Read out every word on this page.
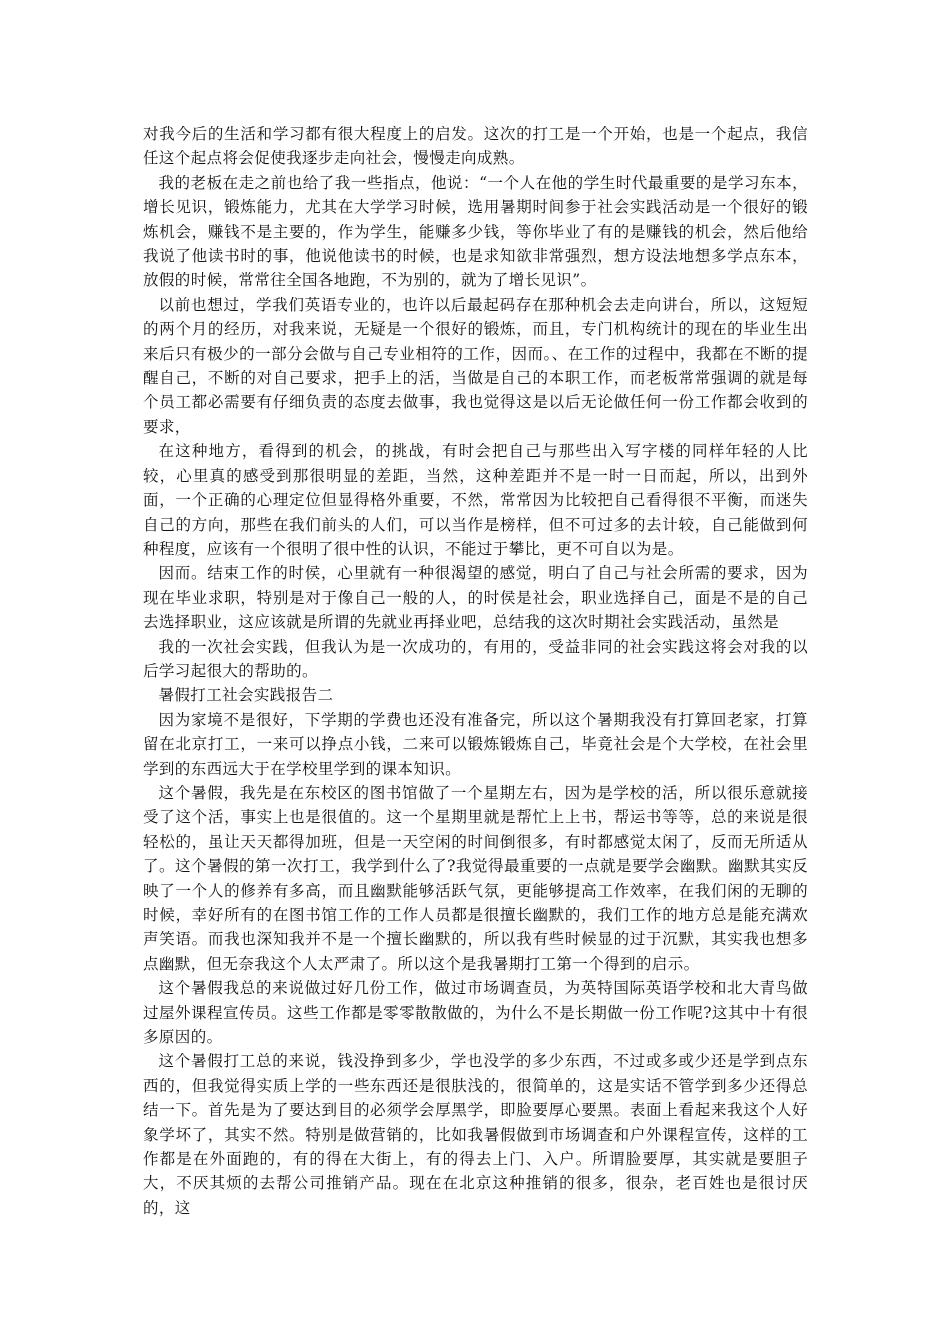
对我今后的生活和学习都有很大程度上的启发。这次的打工是一个开始，也是一个起点，我信任这个起点将会促使我逐步走向社会，慢慢走向成熟。

我的老板在走之前也给了我一些指点，他说：“一个人在他的学生时代最重要的是学习东本，增长见识，锻炼能力，尤其在大学学习时候，选用暑期时间参于社会实践活动是一个很好的锻炼机会，赚钱不是主要的，作为学生，能赚多少钱，等你毕业了有的是赚钱的机会，然后他给我说了他读书时的事，他说他读书的时候，也是求知欲非常强烈，想方设法地想多学点东本，放假的时候，常常往全国各地跑，不为别的，就为了增长见识”。

以前也想过，学我们英语专业的，也许以后最起码存在那种机会去走向讲台，所以，这短短的两个月的经历，对我来说，无疑是一个很好的锻炼，而且，专门机构统计的现在的毕业生出来后只有极少的一部分会做与自己专业相符的工作，因而。、在工作的过程中，我都在不断的提醒自己，不断的对自己要求，把手上的活，当做是自己的本职工作，而老板常常强调的就是每个员工都必需要有仔细负责的态度去做事，我也觉得这是以后无论做任何一份工作都会收到的要求，

在这种地方，看得到的机会，的挑战，有时会把自己与那些出入写字楼的同样年轻的人比较，心里真的感受到那很明显的差距，当然，这种差距并不是一时一日而起，所以，出到外面，一个正确的心理定位但显得格外重要，不然，常常因为比较把自己看得很不平衡，而迷失自己的方向，那些在我们前头的人们，可以当作是榜样，但不可过多的去计较，自己能做到何种程度，应该有一个很明了很中性的认识，不能过于攀比，更不可自以为是。

因而。结束工作的时侯，心里就有一种很渴望的感觉，明白了自己与社会所需的要求，因为现在毕业求职，特别是对于像自己一般的人，的时侯是社会，职业选择自己，面是不是的自己去选择职业，这应该就是所谓的先就业再择业吧，总结我的这次时期社会实践活动，虽然是

我的一次社会实践，但我认为是一次成功的，有用的，受益非同的社会实践这将会对我的以后学习起很大的帮助的。

暑假打工社会实践报告二

因为家境不是很好，下学期的学费也还没有准备完，所以这个暑期我没有打算回老家，打算留在北京打工，一来可以挣点小钱，二来可以锻炼锻炼自己，毕竟社会是个大学校，在社会里学到的东西远大于在学校里学到的课本知识。

这个暑假，我先是在东校区的图书馆做了一个星期左右，因为是学校的活，所以很乐意就接受了这个活，事实上也是很值的。这一个星期里就是帮忙上上书，帮运书等等，总的来说是很轻松的，虽让天天都得加班，但是一天空闲的时间倒很多，有时都感觉太闲了，反而无所适从了。这个暑假的第一次打工，我学到什么了?我觉得最重要的一点就是要学会幽默。幽默其实反映了一个人的修养有多高，而且幽默能够活跃气氛，更能够提高工作效率，在我们闲的无聊的时候，幸好所有的在图书馆工作的工作人员都是很擅长幽默的，我们工作的地方总是能充满欢声笑语。而我也深知我并不是一个擅长幽默的，所以我有些时候显的过于沉默，其实我也想多点幽默，但无奈我这个人太严肃了。所以这个是我暑期打工第一个得到的启示。

这个暑假我总的来说做过好几份工作，做过市场调查员，为英特国际英语学校和北大青鸟做过屋外课程宣传员。这些工作都是零零散散做的，为什么不是长期做一份工作呢?这其中十有很多原因的。

这个暑假打工总的来说，钱没挣到多少，学也没学的多少东西，不过或多或少还是学到点东西的，但我觉得实质上学的一些东西还是很肤浅的，很简单的，这是实话不管学到多少还得总结一下。首先是为了要达到目的必须学会厚黑学，即脸要厚心要黑。表面上看起来我这个人好象学坏了，其实不然。特别是做营销的，比如我暑假做到市场调查和户外课程宣传，这样的工作都是在外面跑的，有的得在大街上，有的得去上门、入户。所谓脸要厚，其实就是要胆子大，不厌其烦的去帮公司推销产品。现在在北京这种推销的很多，很杂，老百姓也是很讨厌的，这
